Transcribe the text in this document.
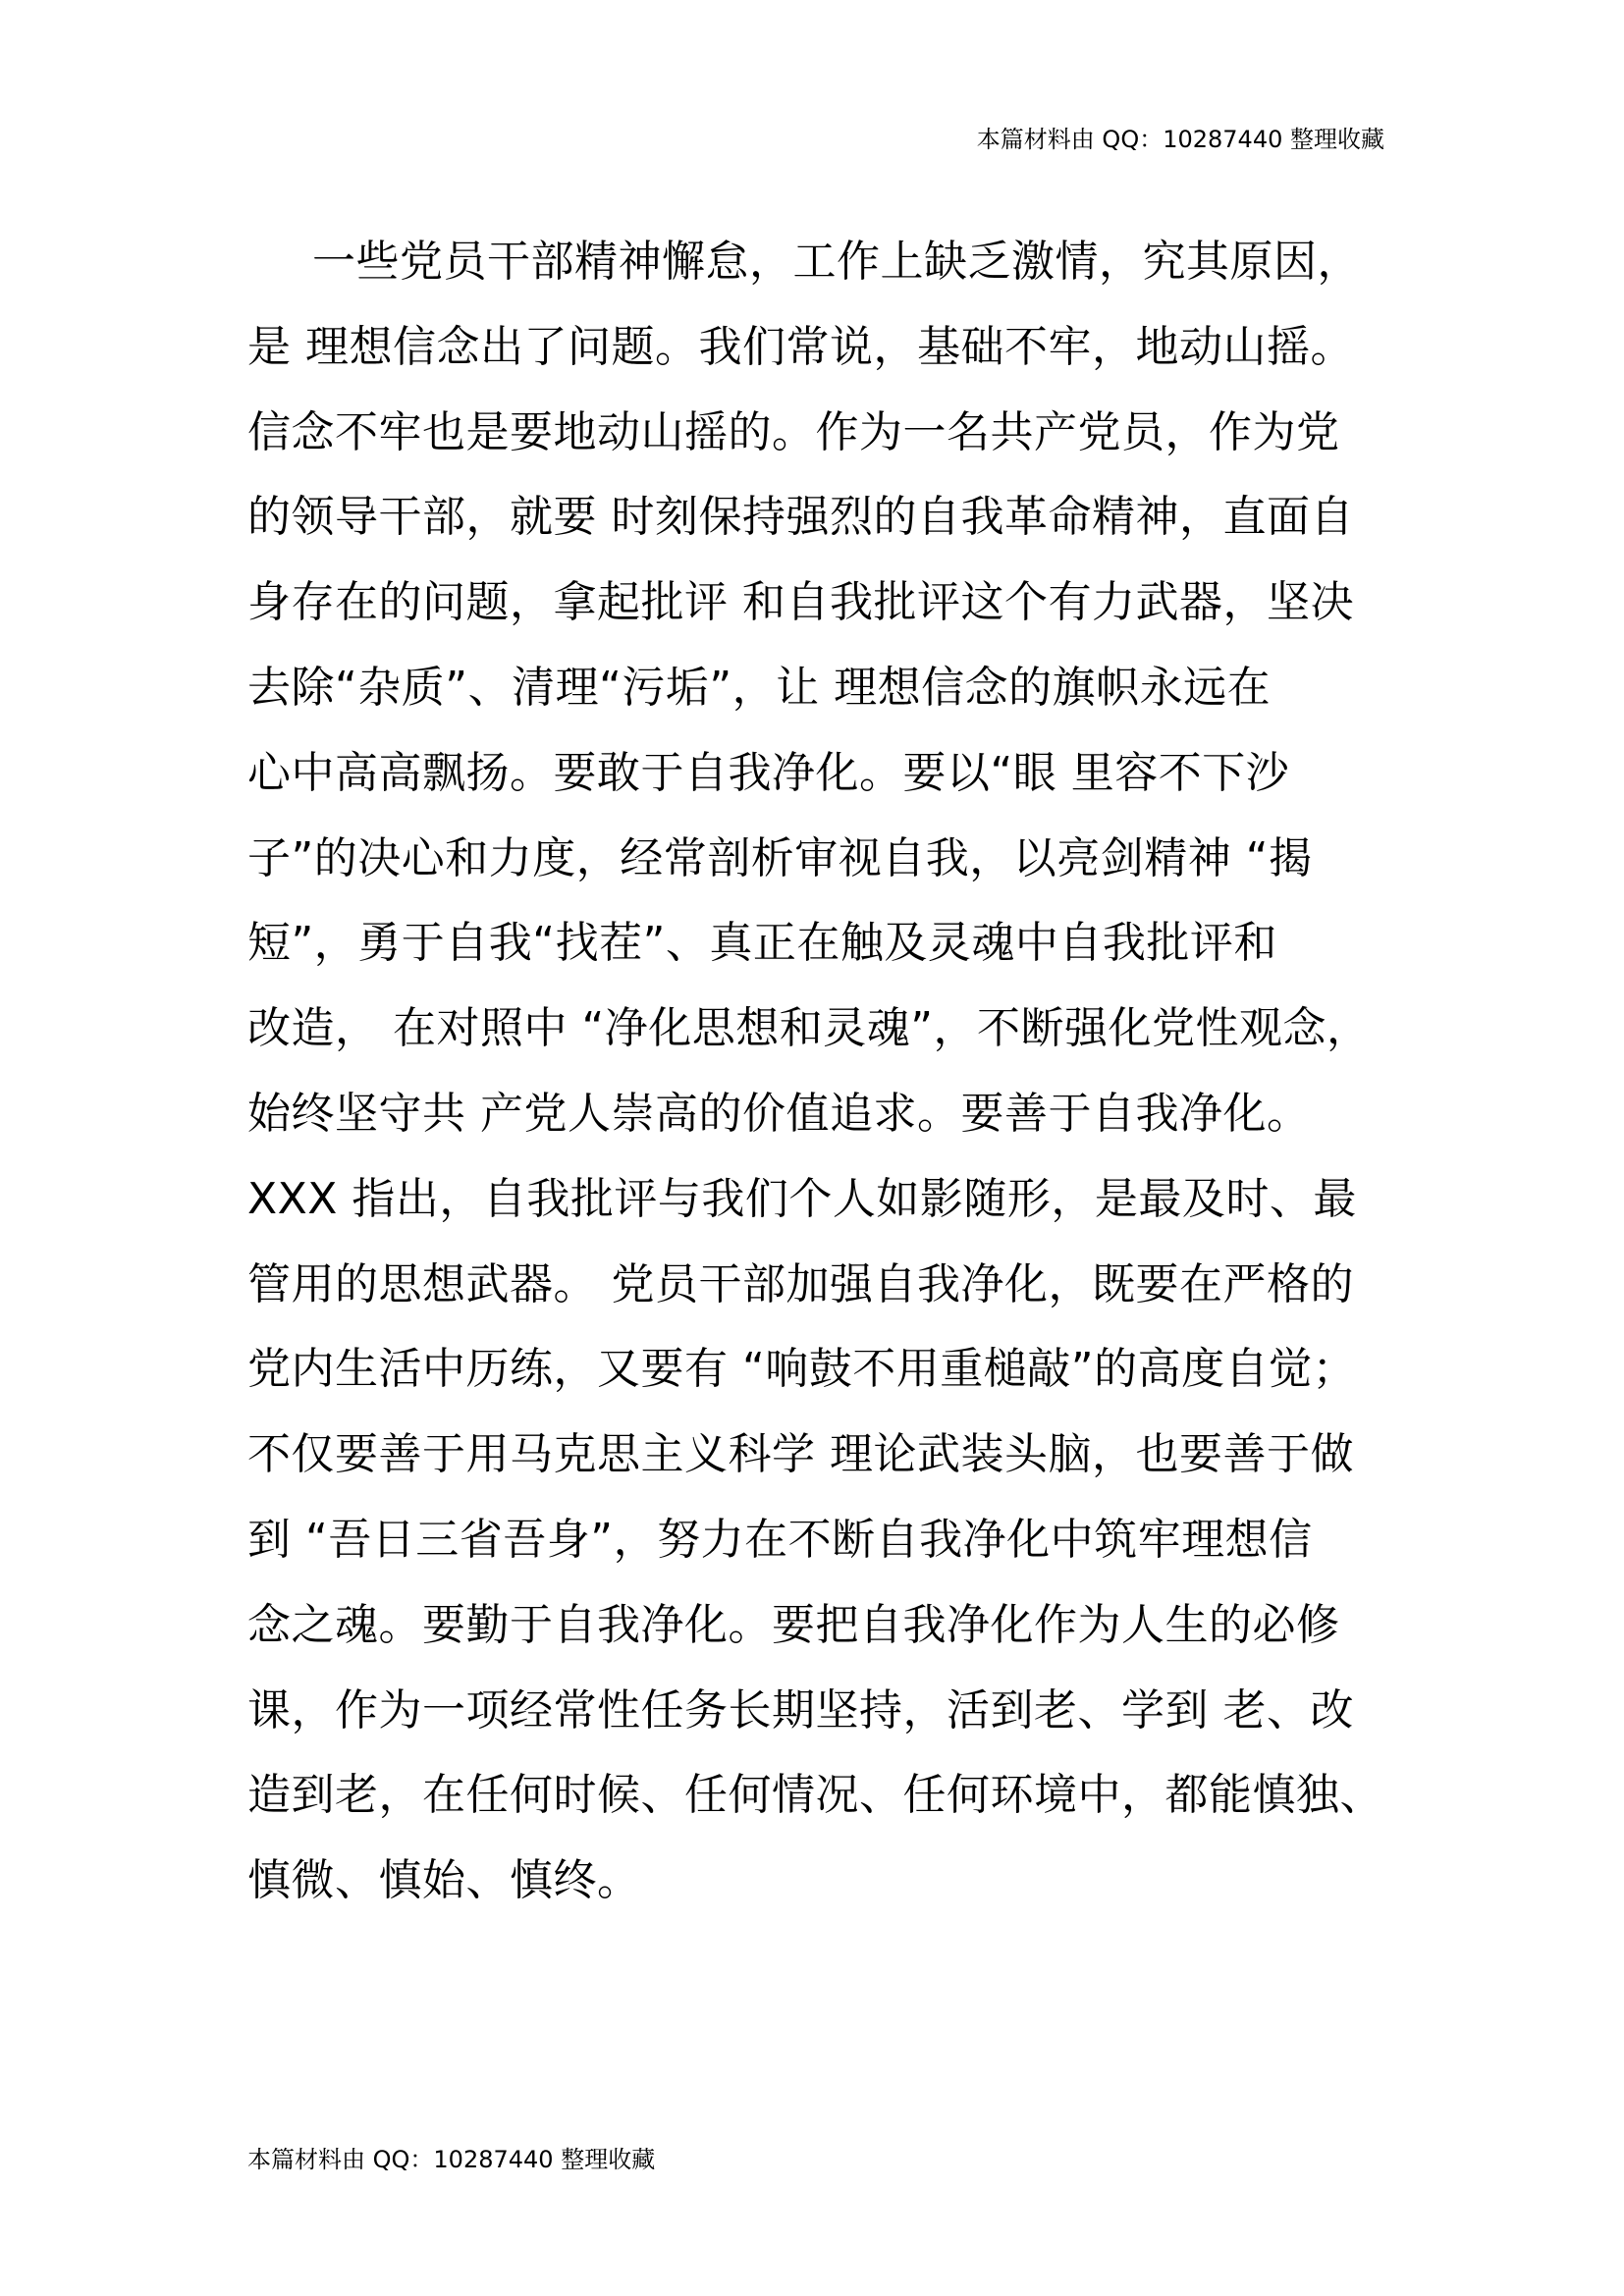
本篇材料由 QQ：10287440 整理收藏
一些党员干部精神懈怠，工作上缺乏激情，究其原因，
是 理想信念出了问题。我们常说，基础不牢，地动山摇。
信念不牢也是要地动山摇的。作为一名共产党员，作为党
的领导干部，就要 时刻保持强烈的自我革命精神，直面自
身存在的问题，拿起批评 和自我批评这个有力武器，坚决
去除“杂质”、清理“污垢”，让 理想信念的旗帜永远在
心中高高飘扬。要敢于自我净化。要以“眼 里容不下沙
子”的决心和力度，经常剖析审视自我，以亮剑精神 “揭
短”，勇于自我“找茬”、真正在触及灵魂中自我批评和
改造， 在对照中 “净化思想和灵魂”，不断强化党性观念，
始终坚守共 产党人崇高的价值追求。要善于自我净化。
XXX 指出，自我批评与我们个人如影随形，是最及时、最
管用的思想武器。 党员干部加强自我净化，既要在严格的
党内生活中历练，又要有 “响鼓不用重槌敲”的高度自觉；
不仅要善于用马克思主义科学 理论武装头脑，也要善于做
到 “吾日三省吾身”，努力在不断自我净化中筑牢理想信
念之魂。要勤于自我净化。要把自我净化作为人生的必修
课，作为一项经常性任务长期坚持，活到老、学到 老、改
造到老，在任何时候、任何情况、任何环境中，都能慎独、
慎微、慎始、慎终。
本篇材料由 QQ：10287440 整理收藏
